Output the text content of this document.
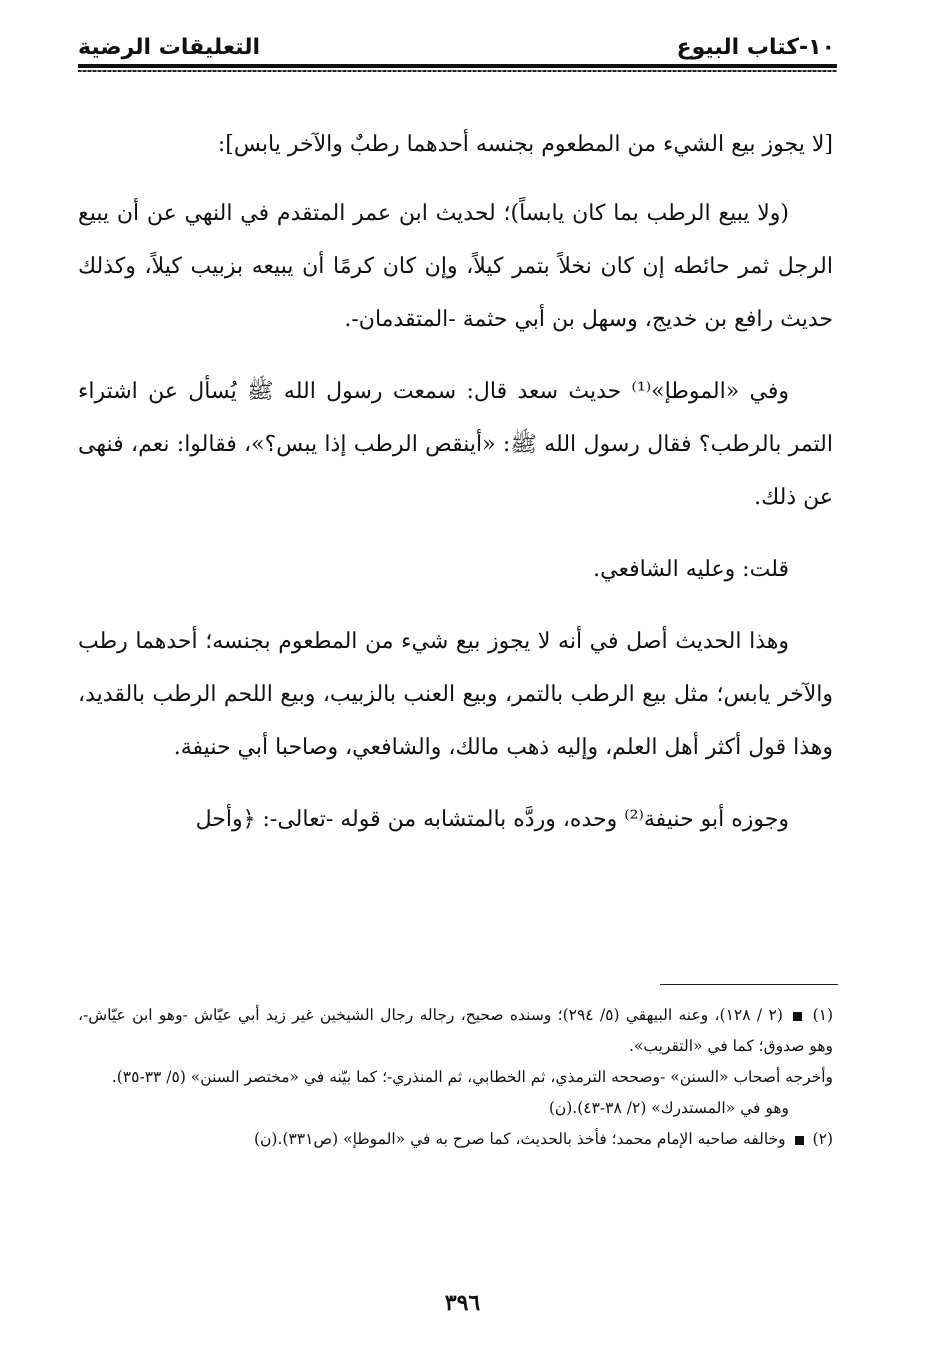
١٠-كتاب البيوع
التعليقات الرضية

[لا يجوز بيع الشيء من المطعوم بجنسه أحدهما رطبٌ والآخر يابس]:

(ولا يبيع الرطب بما كان يابساً)؛ لحديث ابن عمر المتقدم في النهي عن أن يبيع الرجل ثمر حائطه إن كان نخلاً بتمر كيلاً، وإن كان كرمًا أن يبيعه بزبيب كيلاً، وكذلك حديث رافع بن خديج، وسهل بن أبي حثمة -المتقدمان-.

وفي «الموطإ»⁽¹⁾ حديث سعد قال: سمعت رسول الله ﷺ يُسأل عن اشتراء التمر بالرطب؟ فقال رسول الله ﷺ: «أينقص الرطب إذا يبس؟»، فقالوا: نعم، فنهى عن ذلك.

قلت: وعليه الشافعي.

وهذا الحديث أصل في أنه لا يجوز بيع شيء من المطعوم بجنسه؛ أحدهما رطب والآخر يابس؛ مثل بيع الرطب بالتمر، وبيع العنب بالزبيب، وبيع اللحم الرطب بالقديد، وهذا قول أكثر أهل العلم، وإليه ذهب مالك، والشافعي، وصاحبا أبي حنيفة.

وجوزه أبو حنيفة⁽²⁾ وحده، وردَّه بالمتشابه من قوله -تعالى-: ﴿وأحل

(١)  (٢ / ١٢٨)، وعنه البيهقي (٥/ ٢٩٤)؛ وسنده صحيح، رجاله رجال الشيخين غير زيد أبي عيّاش -وهو ابن عيّاش-، وهو صدوق؛ كما في «التقريب».

وأخرجه أصحاب «السنن» -وصححه الترمذي، ثم الخطابي، ثم المنذري-؛ كما بيّنه في «مختصر السنن» (٥/ ٣٣-٣٥).

وهو في «المستدرك» (٢/ ٣٨-٤٣).(ن)

(٢)  وخالفه صاحبه الإمام محمد؛ فأخذ بالحديث، كما صرح به في «الموطإ» (ص٣٣١).(ن)

٣٩٦
